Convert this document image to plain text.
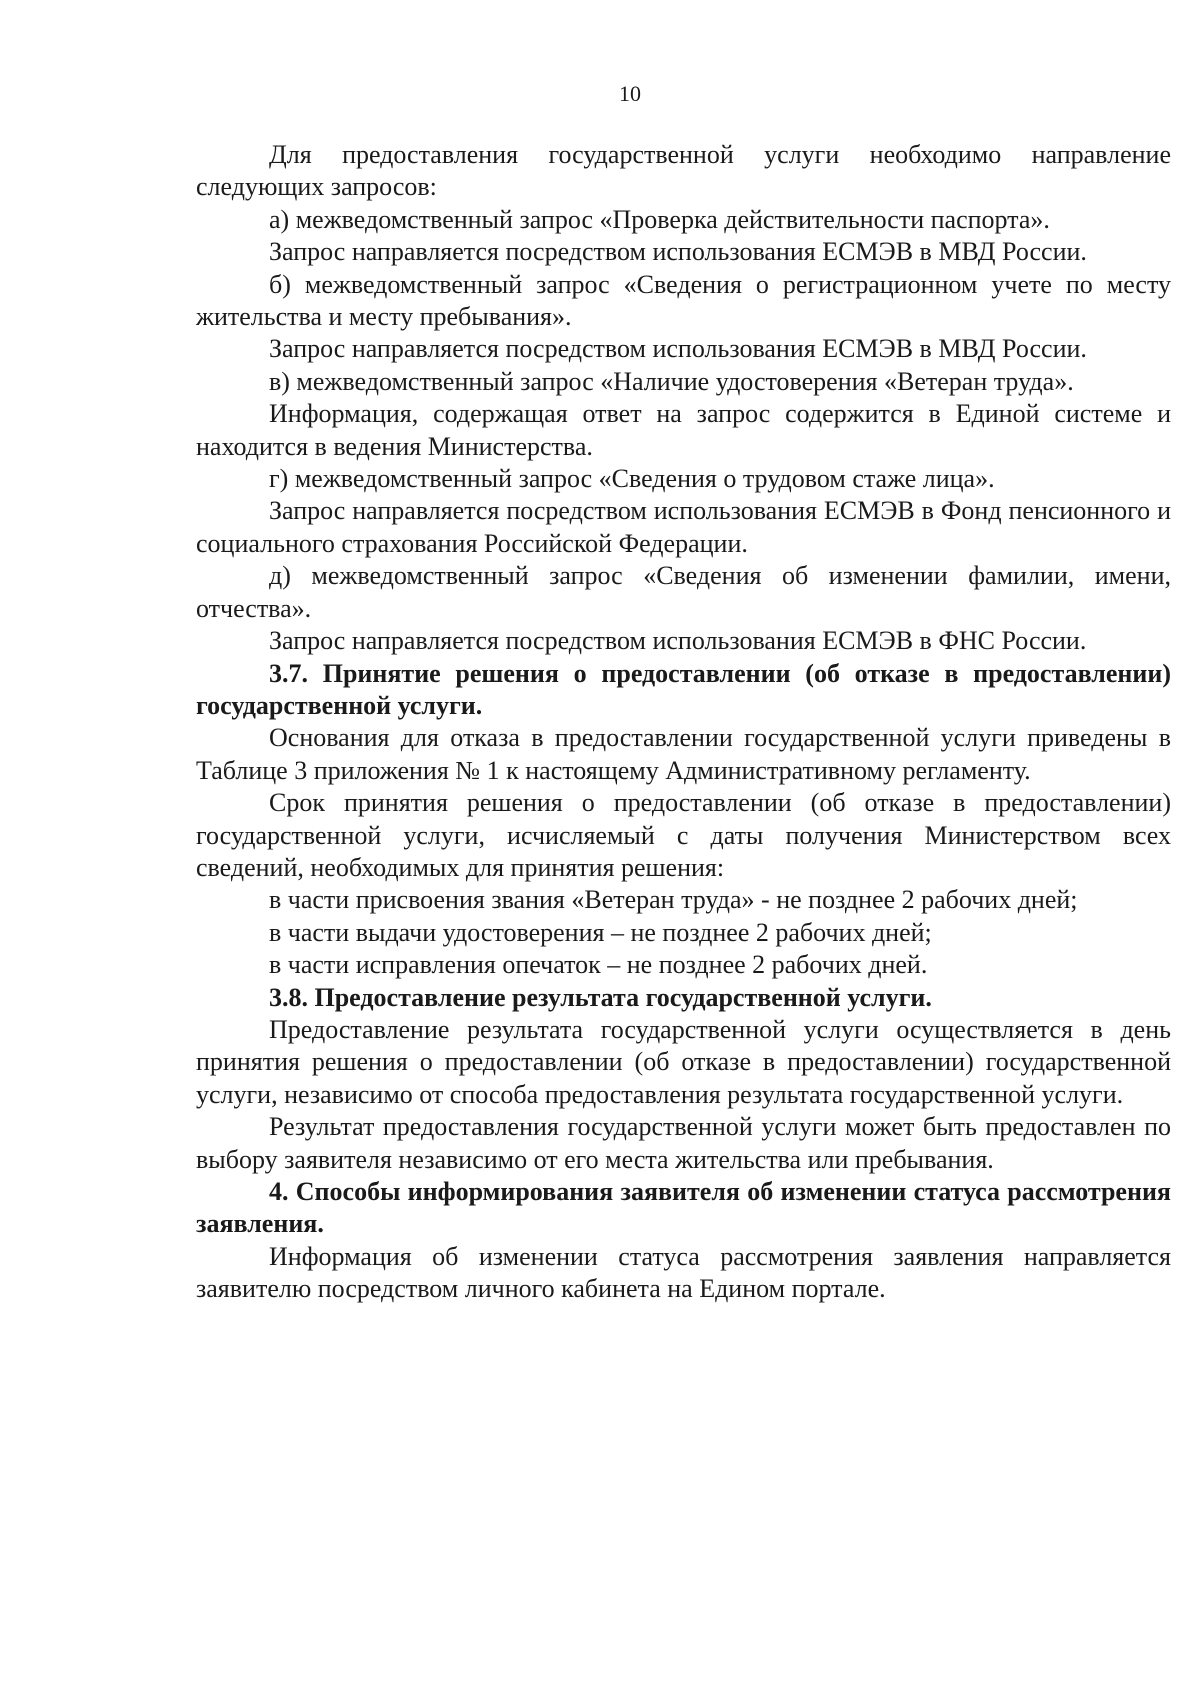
10

Для предоставления государственной услуги необходимо направление следующих запросов:

а) межведомственный запрос «Проверка действительности паспорта».

Запрос направляется посредством использования ЕСМЭВ в МВД России.

б) межведомственный запрос «Сведения о регистрационном учете по месту жительства и месту пребывания».

Запрос направляется посредством использования ЕСМЭВ в МВД России.

в) межведомственный запрос «Наличие удостоверения «Ветеран труда».

Информация, содержащая ответ на запрос содержится в Единой системе и находится в ведения Министерства.

г) межведомственный запрос «Сведения о трудовом стаже лица».

Запрос направляется посредством использования ЕСМЭВ в Фонд пенсионного и социального страхования Российской Федерации.

д) межведомственный запрос «Сведения об изменении фамилии, имени, отчества».

Запрос направляется посредством использования ЕСМЭВ в ФНС России.

3.7. Принятие решения о предоставлении (об отказе в предоставлении) государственной услуги.

Основания для отказа в предоставлении государственной услуги приведены в Таблице 3 приложения № 1 к настоящему Административному регламенту.

Срок принятия решения о предоставлении (об отказе в предоставлении) государственной услуги, исчисляемый с даты получения Министерством всех сведений, необходимых для принятия решения:

в части присвоения звания «Ветеран труда» - не позднее 2 рабочих дней;

в части выдачи удостоверения – не позднее 2 рабочих дней;

в части исправления опечаток – не позднее 2 рабочих дней.

3.8. Предоставление результата государственной услуги.

Предоставление результата государственной услуги осуществляется в день принятия решения о предоставлении (об отказе в предоставлении) государственной услуги, независимо от способа предоставления результата государственной услуги.

Результат предоставления государственной услуги может быть предоставлен по выбору заявителя независимо от его места жительства или пребывания.

4. Способы информирования заявителя об изменении статуса рассмотрения заявления.

Информация об изменении статуса рассмотрения заявления направляется заявителю посредством личного кабинета на Едином портале.
